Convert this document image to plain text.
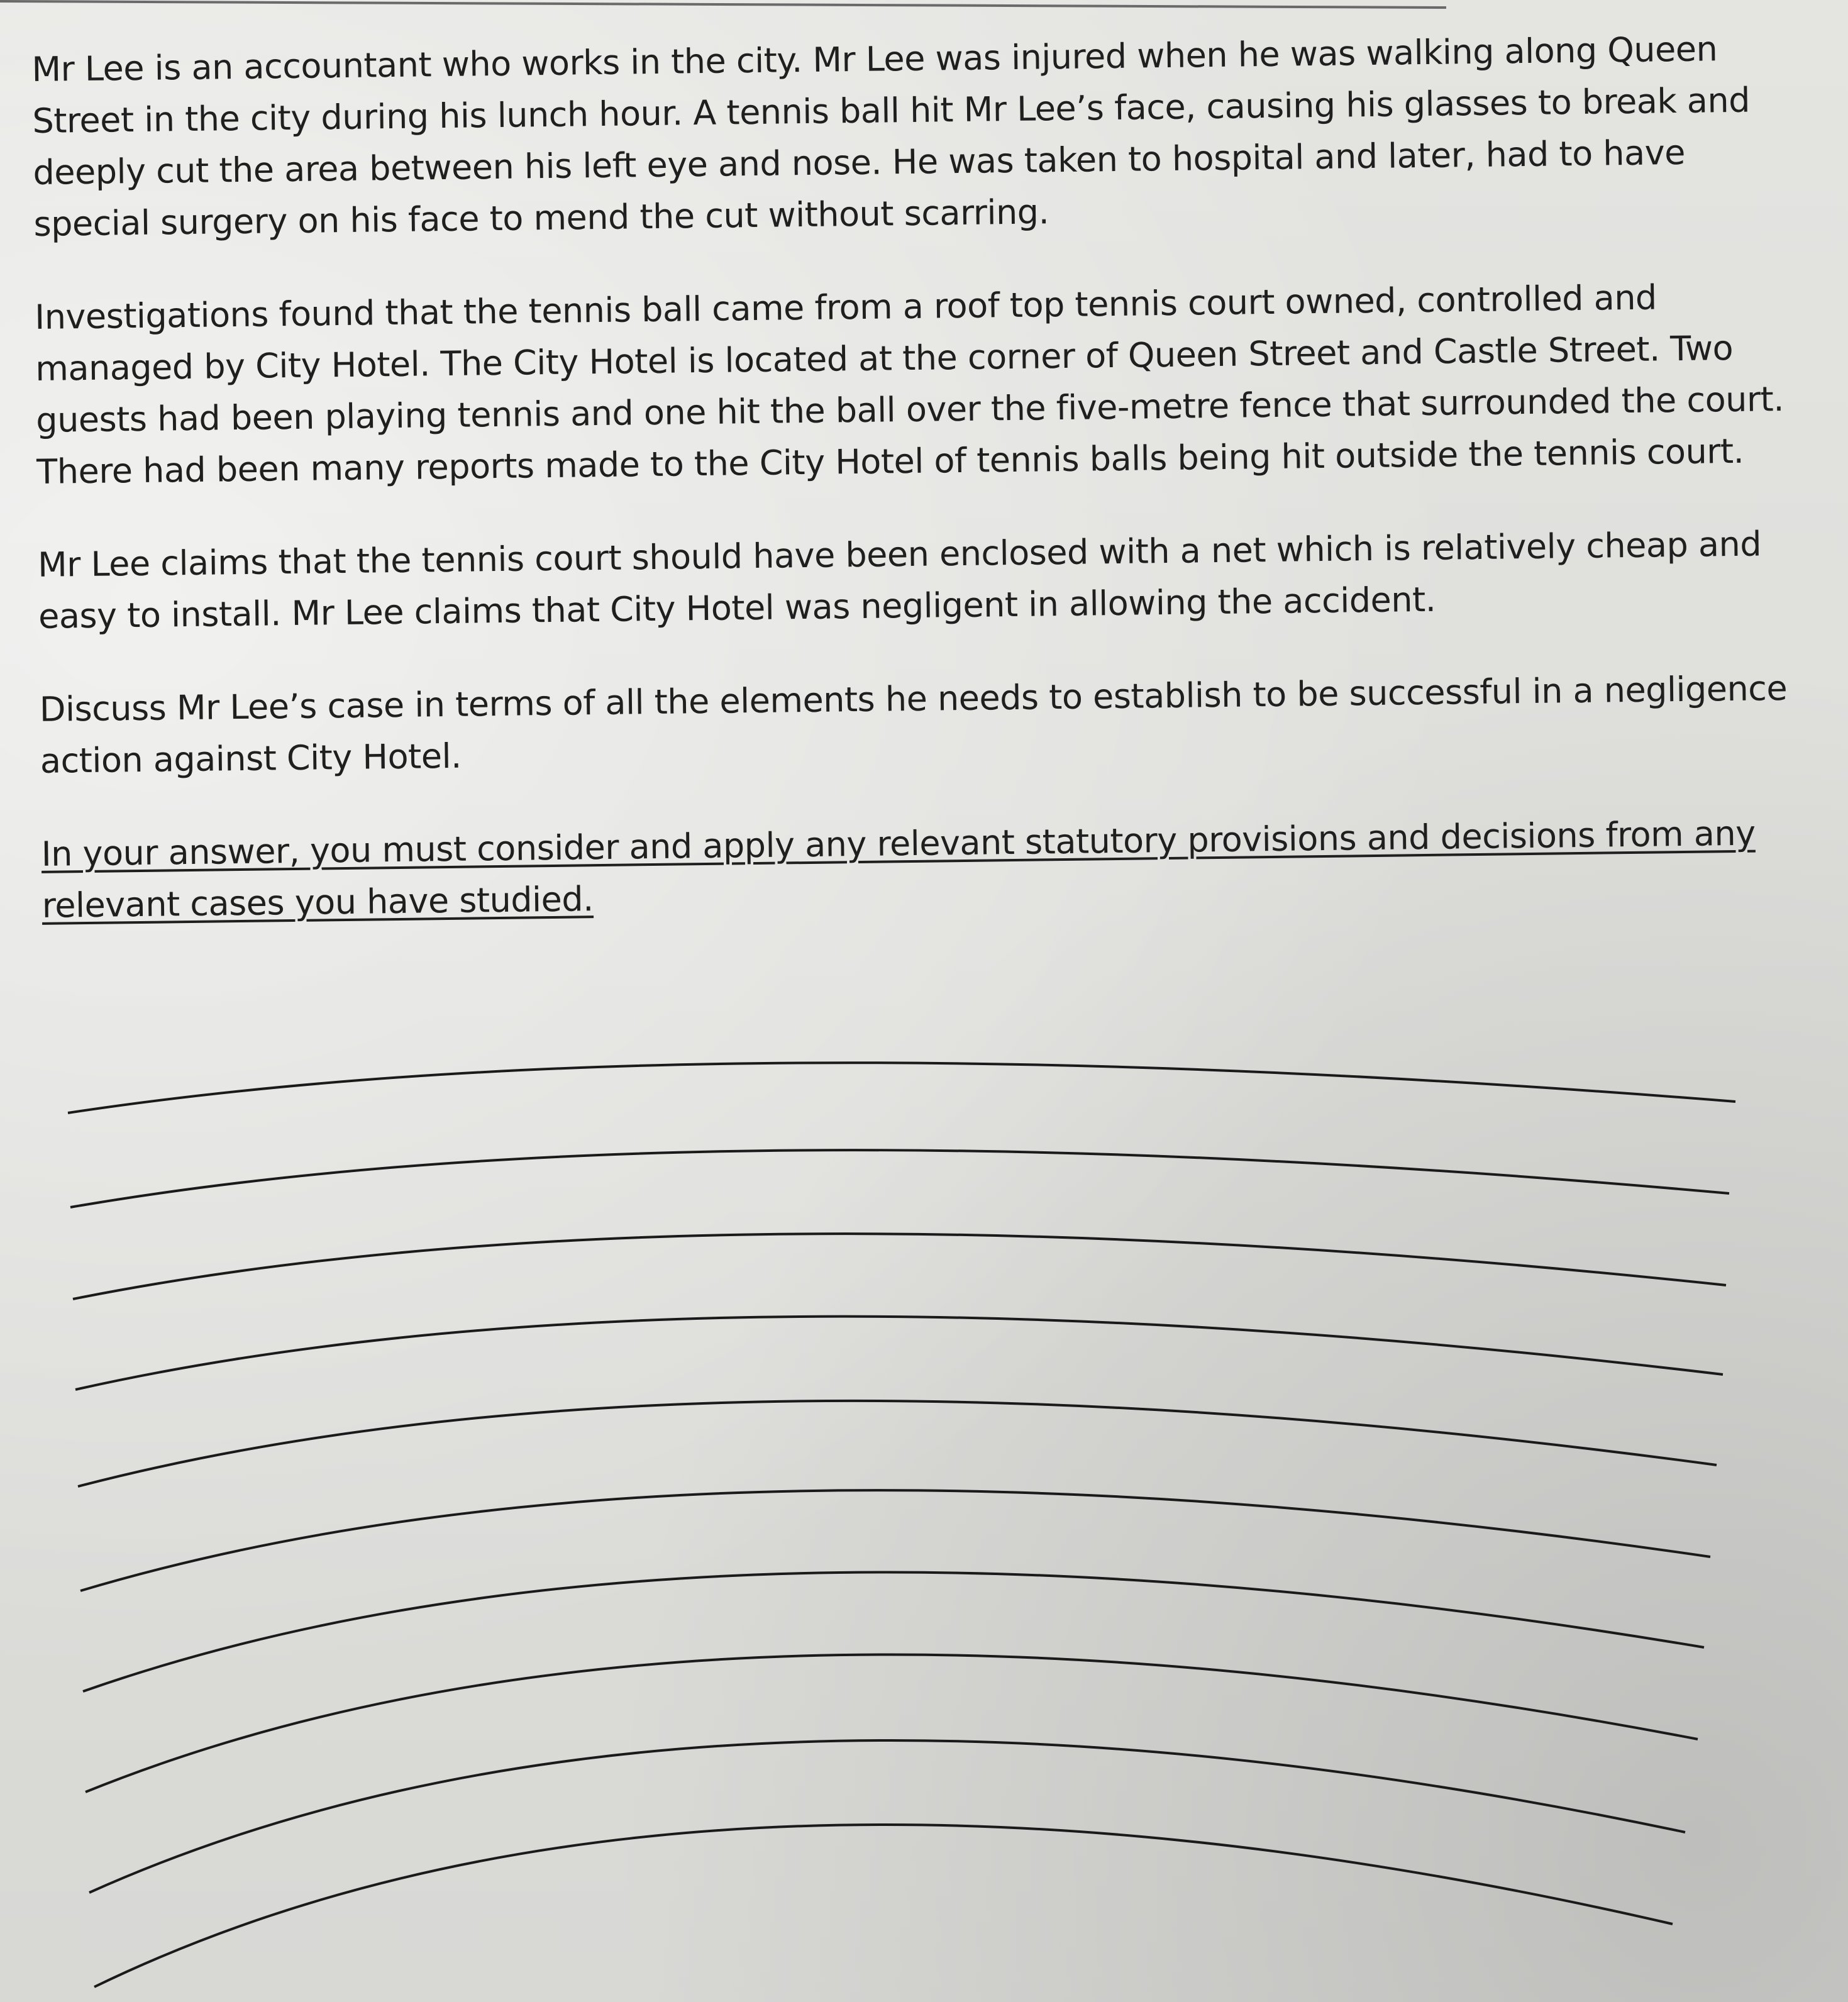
Mr Lee is an accountant who works in the city. Mr Lee was injured when he was walking along Queen Street in the city during his lunch hour. A tennis ball hit Mr Lee’s face, causing his glasses to break and deeply cut the area between his left eye and nose. He was taken to hospital and later, had to have special surgery on his face to mend the cut without scarring.

Investigations found that the tennis ball came from a roof top tennis court owned, controlled and managed by City Hotel. The City Hotel is located at the corner of Queen Street and Castle Street. Two guests had been playing tennis and one hit the ball over the five-metre fence that surrounded the court. There had been many reports made to the City Hotel of tennis balls being hit outside the tennis court.

Mr Lee claims that the tennis court should have been enclosed with a net which is relatively cheap and easy to install. Mr Lee claims that City Hotel was negligent in allowing the accident.

Discuss Mr Lee’s case in terms of all the elements he needs to establish to be successful in a negligence action against City Hotel.

In your answer, you must consider and apply any relevant statutory provisions and decisions from any relevant cases you have studied.
